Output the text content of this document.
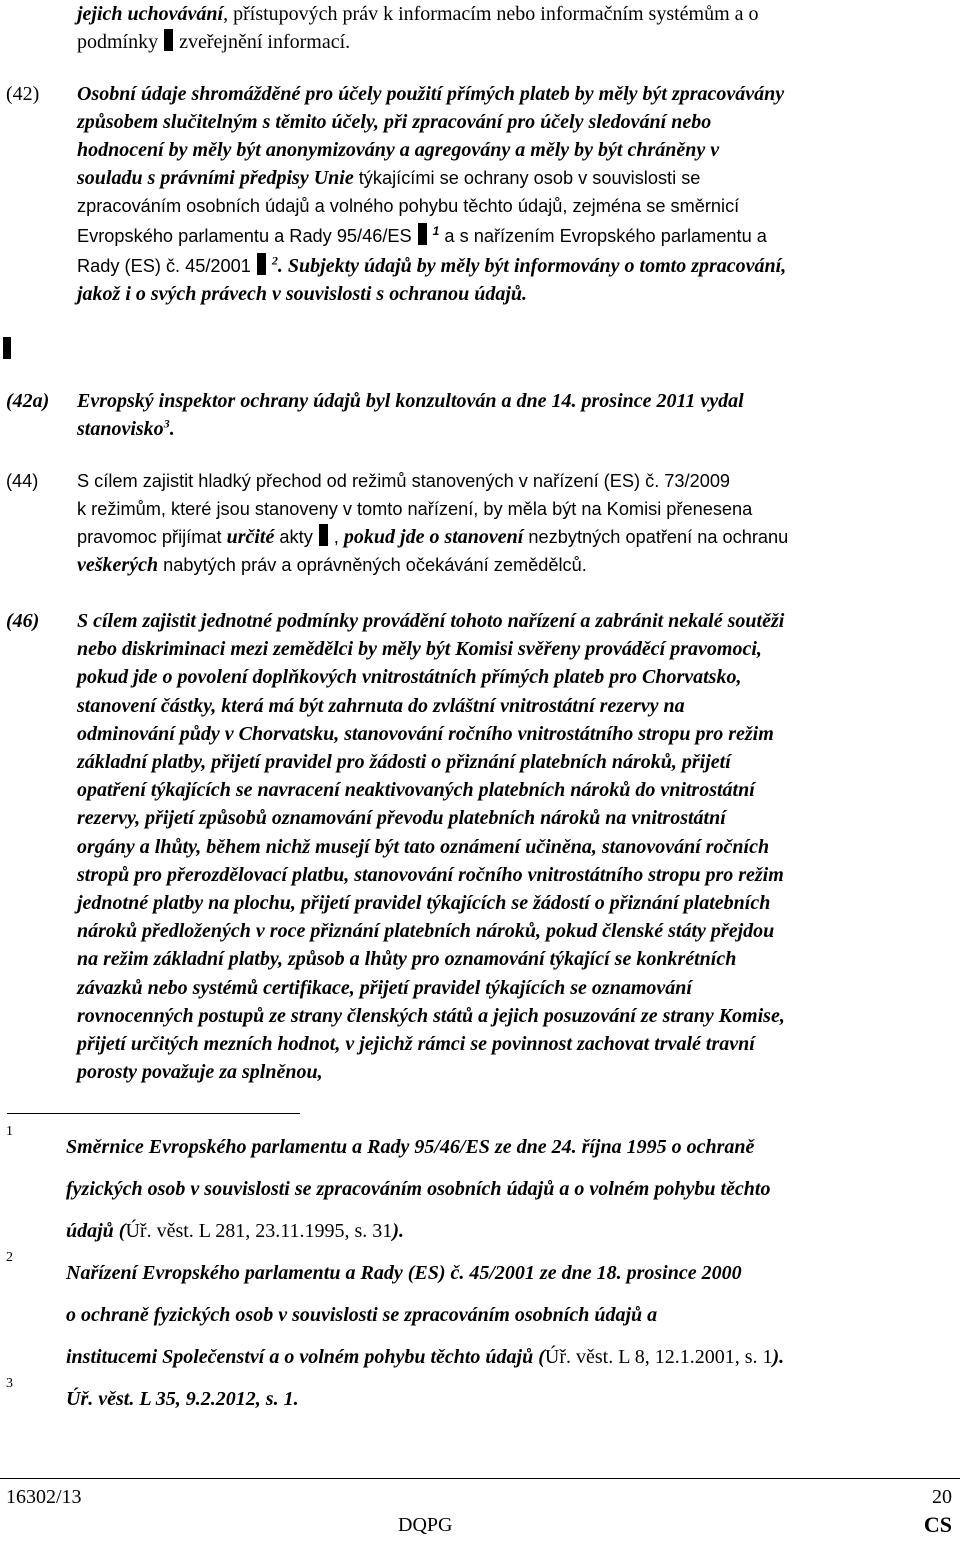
jejich uchovávání, přístupových práv k informacím nebo informačním systémům a o
podmínky zveřejnění informací.
(42) Osobní údaje shromážděné pro účely použití přímých plateb by měly být zpracovávány
způsobem slučitelným s těmito účely, při zpracování pro účely sledování nebo
hodnocení by měly být anonymizovány a agregovány a měly by být chráněny v
souladu s právními předpisy Unie týkajícími se ochrany osob v souvislosti se
zpracováním osobních údajů a volného pohybu těchto údajů, zejména se směrnicí
Evropského parlamentu a Rady 95/46/ES $^1$ a s nařízením Evropského parlamentu a
Rady (ES) č. 45/2001 $^2$. Subjekty údajů by měly být informovány o tomto zpracování,
jakož i o svých právech v souvislosti s ochranou údajů.
(42a) Evropský inspektor ochrany údajů byl konzultován a dne 14. prosince 2011 vydal
stanovisko$^3$.
(44) S cílem zajistit hladký přechod od režimů stanovených v nařízení (ES) č. 73/2009
k režimům, které jsou stanoveny v tomto nařízení, by měla být na Komisi přenesena
pravomoc přijímat určité akty , pokud jde o stanovení nezbytných opatření na ochranu
veškerých nabytých práv a oprávněných očekávání zemědělců.
(46) S cílem zajistit jednotné podmínky provádění tohoto nařízení a zabránit nekalé soutěži
nebo diskriminaci mezi zemědělci by měly být Komisi svěřeny prováděcí pravomoci,
pokud jde o povolení doplňkových vnitrostátních přímých plateb pro Chorvatsko,
stanovení částky, která má být zahrnuta do zvláštní vnitrostátní rezervy na
odminování půdy v Chorvatsku, stanovování ročního vnitrostátního stropu pro režim
základní platby, přijetí pravidel pro žádosti o přiznání platebních nároků, přijetí
opatření týkajících se navracení neaktivovaných platebních nároků do vnitrostátní
rezervy, přijetí způsobů oznamování převodu platebních nároků na vnitrostátní
orgány a lhůty, během nichž musejí být tato oznámení učiněna, stanovování ročních
stropů pro přerozdělovací platbu, stanovování ročního vnitrostátního stropu pro režim
jednotné platby na plochu, přijetí pravidel týkajících se žádostí o přiznání platebních
nároků předložených v roce přiznání platebních nároků, pokud členské státy přejdou
na režim základní platby, způsob a lhůty pro oznamování týkající se konkrétních
závazků nebo systémů certifikace, přijetí pravidel týkajících se oznamování
rovnocenných postupů ze strany členských států a jejich posuzování ze strany Komise,
přijetí určitých mezních hodnot, v jejichž rámci se povinnost zachovat trvalé travní
porosty považuje za splněnou,
1
Směrnice Evropského parlamentu a Rady 95/46/ES ze dne 24. října 1995 o ochraně
fyzických osob v souvislosti se zpracováním osobních údajů a o volném pohybu těchto
údajů (Úř. věst. L 281, 23.11.1995, s. 31).
2
Nařízení Evropského parlamentu a Rady (ES) č. 45/2001 ze dne 18. prosince 2000
o ochraně fyzických osob v souvislosti se zpracováním osobních údajů a
institucemi Společenství a o volném pohybu těchto údajů (Úř. věst. L 8, 12.1.2001, s. 1).
3
Úř. věst. L 35, 9.2.2012, s. 1.
16302/13	20
DQPG	CS
